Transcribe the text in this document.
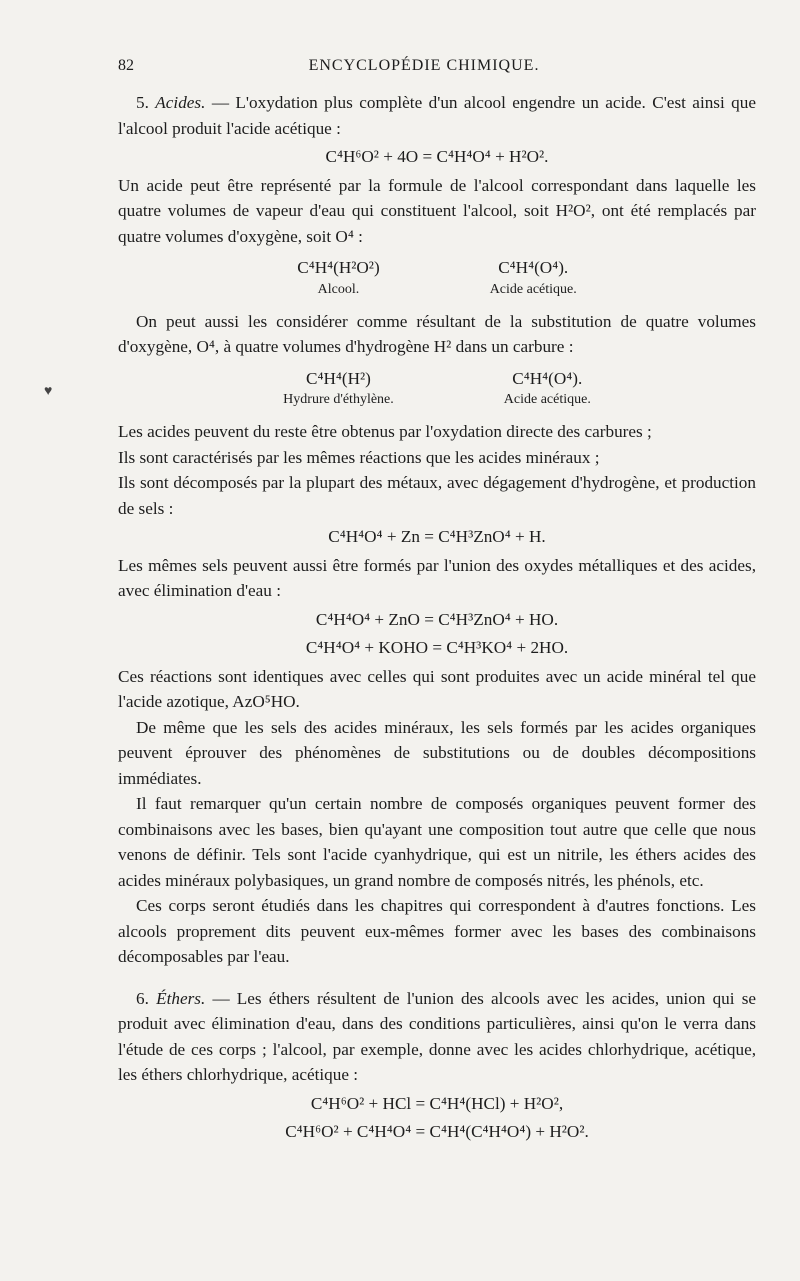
82	ENCYCLOPÉDIE CHIMIQUE.
♥

5. Acides. — L'oxydation plus complète d'un alcool engendre un acide. C'est ainsi que l'alcool produit l'acide acétique :

C⁴H⁶O² + 4O = C⁴H⁴O⁴ + H²O².

Un acide peut être représenté par la formule de l'alcool correspondant dans laquelle les quatre volumes de vapeur d'eau qui constituent l'alcool, soit H²O², ont été remplacés par quatre volumes d'oxygène, soit O⁴ :

C⁴H⁴(H²O²)
Alcool.
C⁴H⁴(O⁴).
Acide acétique.

On peut aussi les considérer comme résultant de la substitution de quatre volumes d'oxygène, O⁴, à quatre volumes d'hydrogène H² dans un carbure :

C⁴H⁴(H²)
Hydrure d'éthylène.
C⁴H⁴(O⁴).
Acide acétique.

Les acides peuvent du reste être obtenus par l'oxydation directe des carbures ;

Ils sont caractérisés par les mêmes réactions que les acides minéraux ;

Ils sont décomposés par la plupart des métaux, avec dégagement d'hydrogène, et production de sels :

C⁴H⁴O⁴ + Zn = C⁴H³ZnO⁴ + H.

Les mêmes sels peuvent aussi être formés par l'union des oxydes métalliques et des acides, avec élimination d'eau :

C⁴H⁴O⁴ + ZnO = C⁴H³ZnO⁴ + HO.
C⁴H⁴O⁴ + KOHO = C⁴H³KO⁴ + 2HO.

Ces réactions sont identiques avec celles qui sont produites avec un acide minéral tel que l'acide azotique, AzO⁵HO.

De même que les sels des acides minéraux, les sels formés par les acides organiques peuvent éprouver des phénomènes de substitutions ou de doubles décompositions immédiates.

Il faut remarquer qu'un certain nombre de composés organiques peuvent former des combinaisons avec les bases, bien qu'ayant une composition tout autre que celle que nous venons de définir. Tels sont l'acide cyanhydrique, qui est un nitrile, les éthers acides des acides minéraux polybasiques, un grand nombre de composés nitrés, les phénols, etc.

Ces corps seront étudiés dans les chapitres qui correspondent à d'autres fonctions. Les alcools proprement dits peuvent eux-mêmes former avec les bases des combinaisons décomposables par l'eau.

6. Éthers. — Les éthers résultent de l'union des alcools avec les acides, union qui se produit avec élimination d'eau, dans des conditions particulières, ainsi qu'on le verra dans l'étude de ces corps ; l'alcool, par exemple, donne avec les acides chlorhydrique, acétique, les éthers chlorhydrique, acétique :

C⁴H⁶O² + HCl = C⁴H⁴(HCl) + H²O²,
C⁴H⁶O² + C⁴H⁴O⁴ = C⁴H⁴(C⁴H⁴O⁴) + H²O².
